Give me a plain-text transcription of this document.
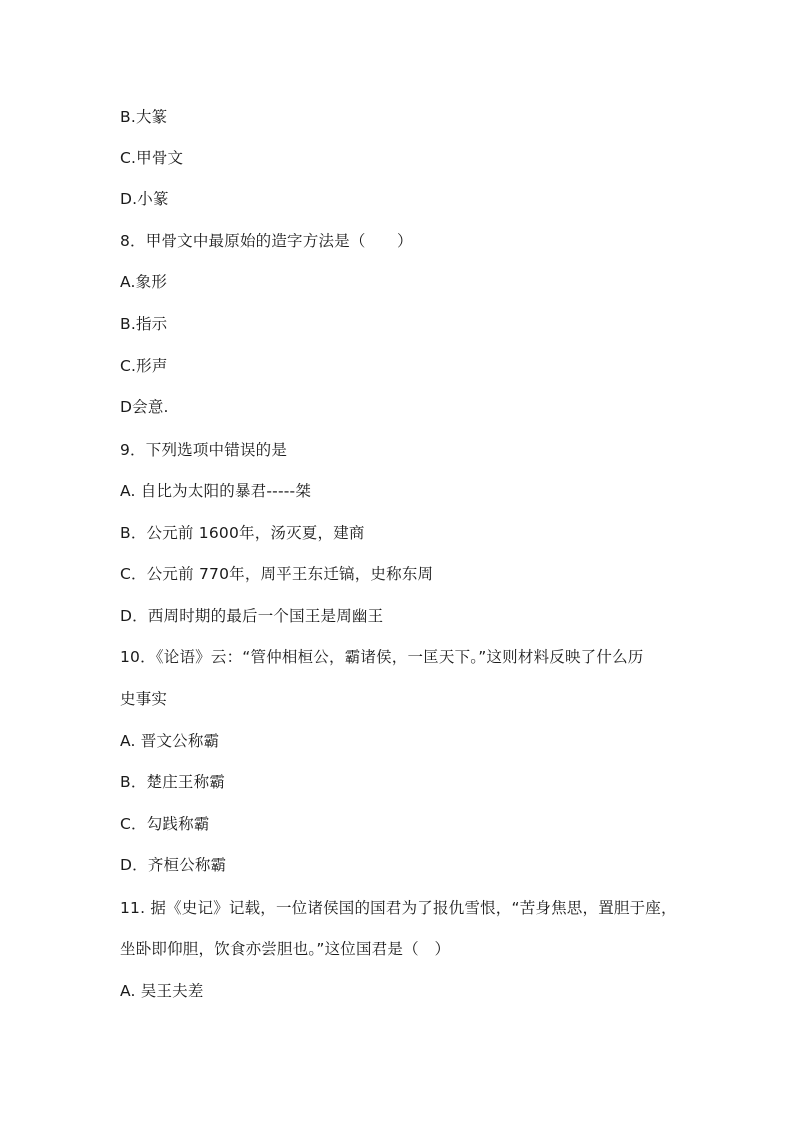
B.大篆
C.甲骨文
D.小篆
8．甲骨文中最原始的造字方法是（　　）
A.象形
B.指示
C.形声
D会意.
9．下列选项中错误的是
A. 自比为太阳的暴君-----桀
B．公元前 1600年，汤灭夏，建商
C．公元前 770年，周平王东迁镐，史称东周
D．西周时期的最后一个国王是周幽王
10．《论语》云：“管仲相桓公，霸诸侯，一匡天下。”这则材料反映了什么历
史事实
A. 晋文公称霸
B．楚庄王称霸
C．勾践称霸
D．齐桓公称霸
11. 据《史记》记载，一位诸侯国的国君为了报仇雪恨，“苦身焦思，置胆于座，
坐卧即仰胆，饮食亦尝胆也。”这位国君是（　）
A. 吴王夫差
